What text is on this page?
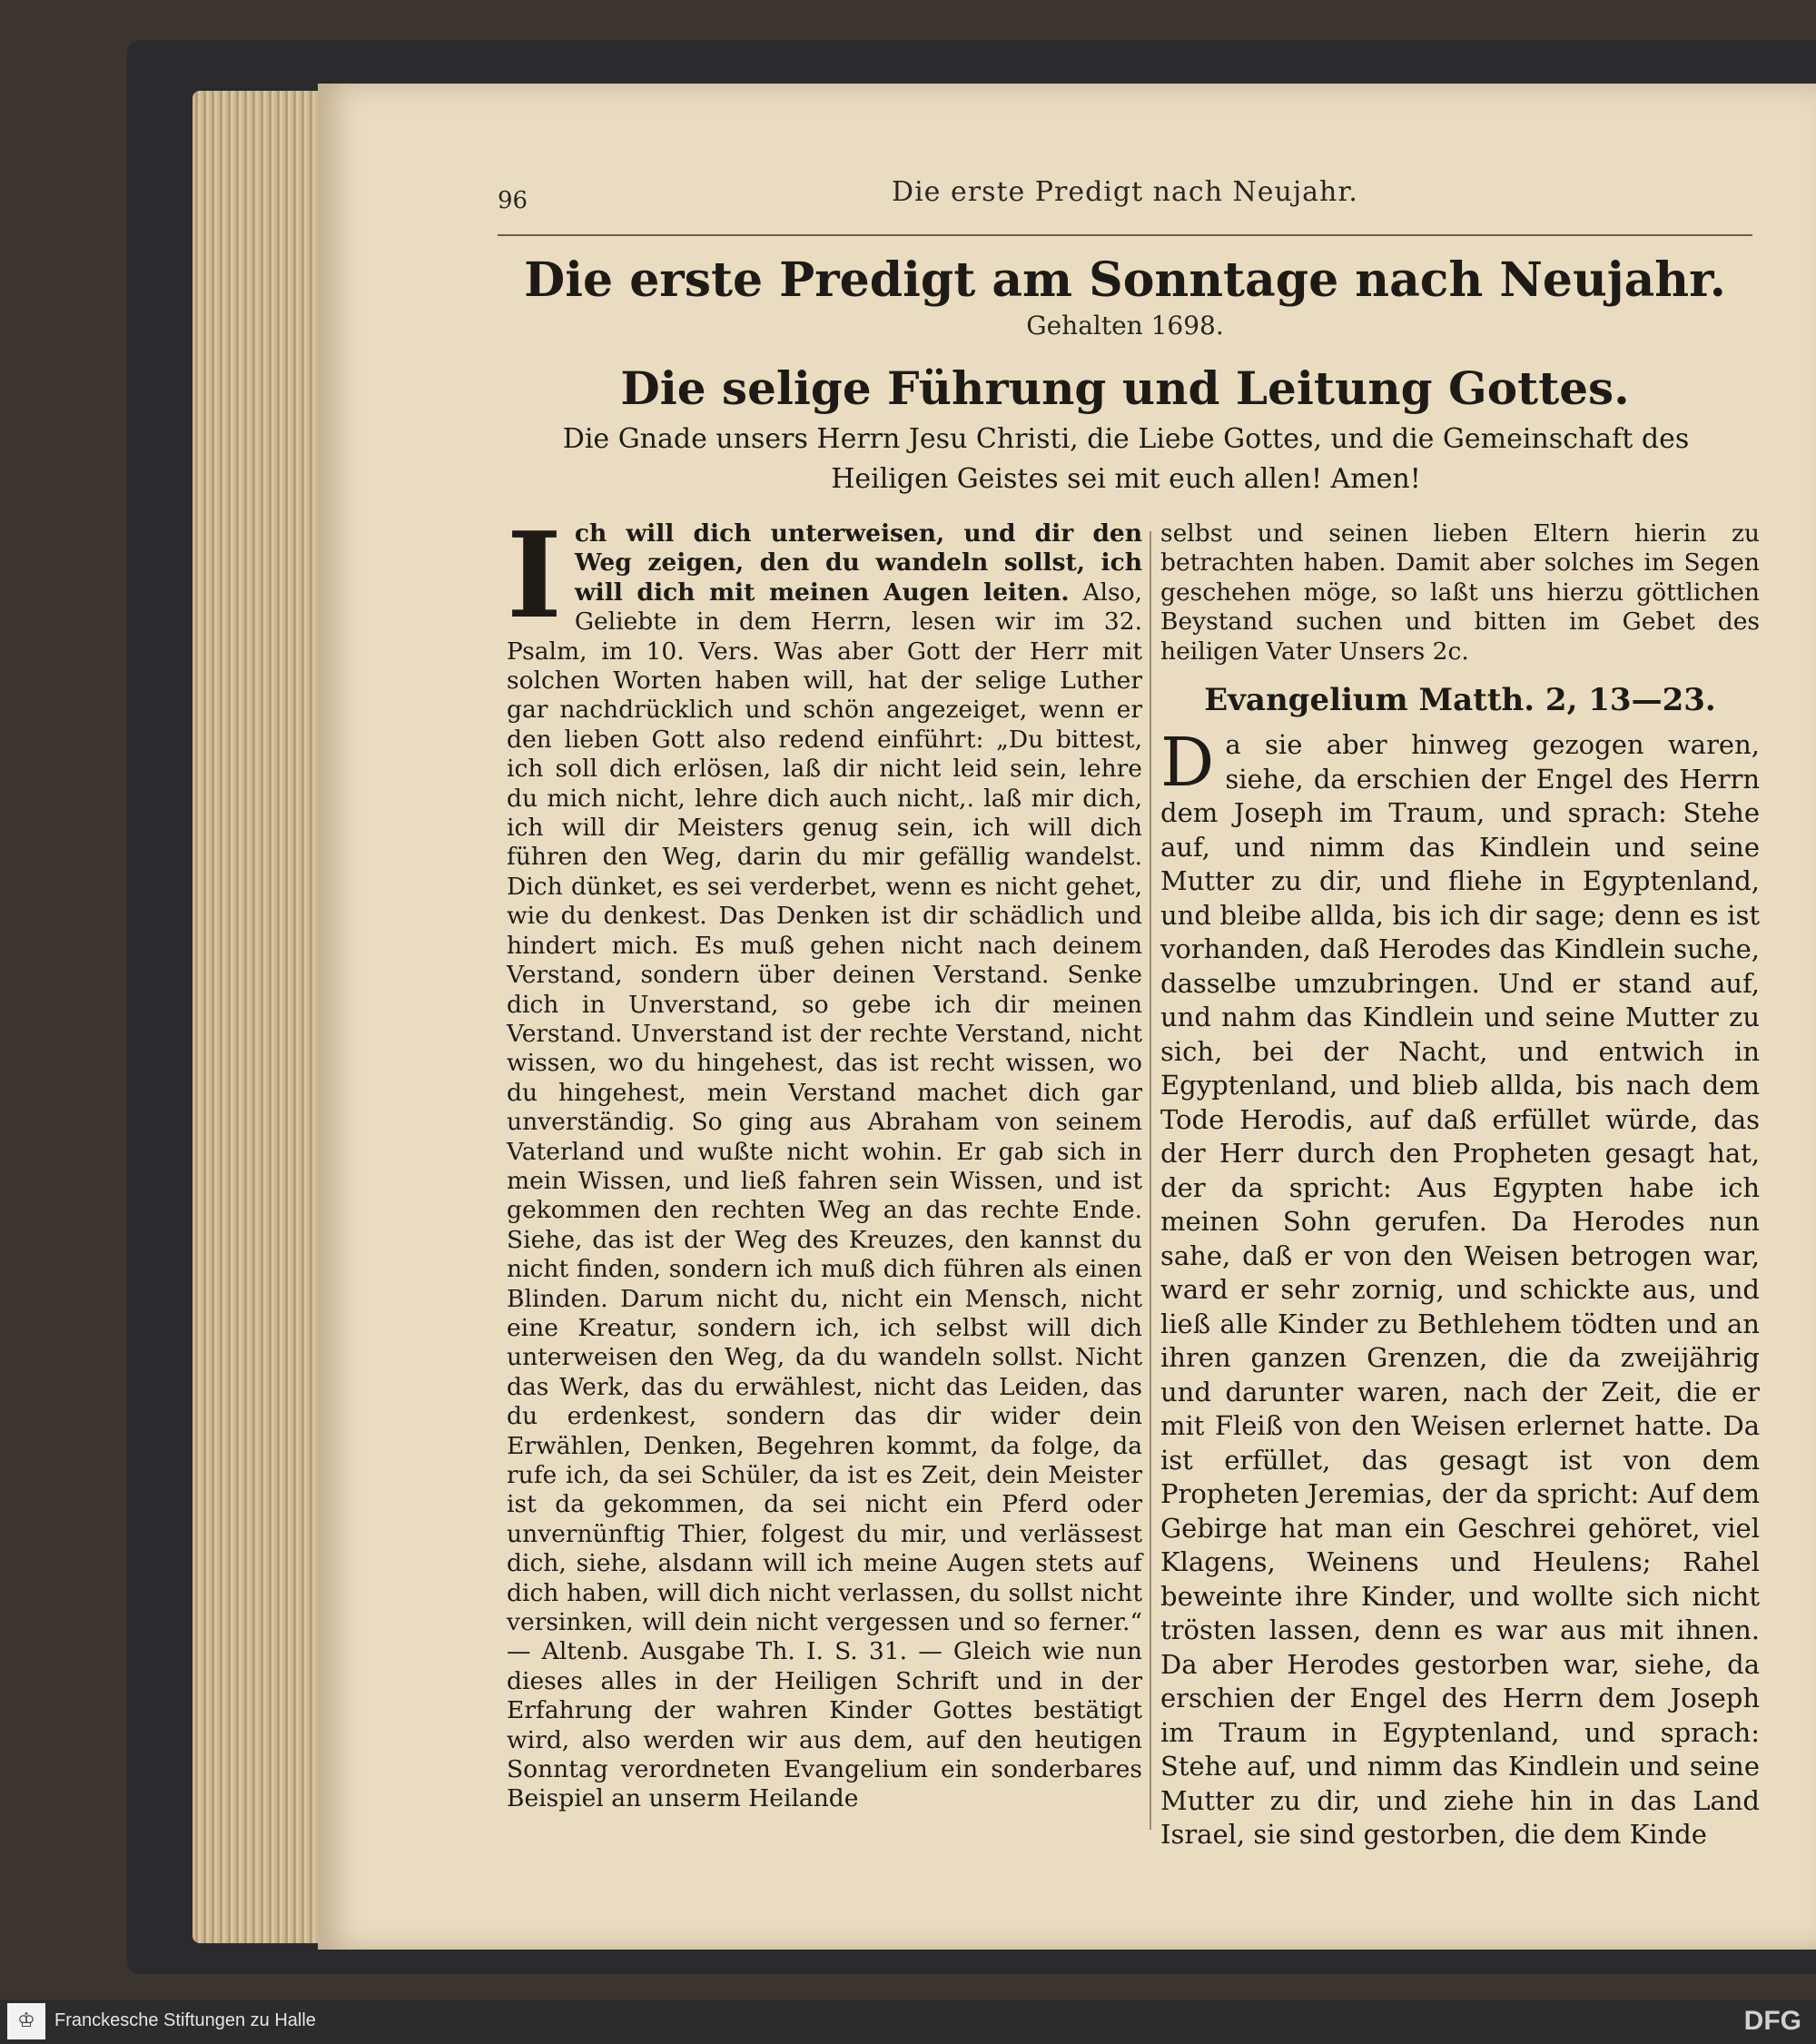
96	Die erste Predigt nach Neujahr.
Die erste Predigt am Sonntage nach Neujahr.
Gehalten 1698.
Die selige Führung und Leitung Gottes.
Die Gnade unsers Herrn Jesu Christi, die Liebe Gottes, und die Gemeinschaft des Heiligen Geistes sei mit euch allen! Amen!
I ch will dich unterweisen, und dir den Weg zeigen, den du wandeln sollst, ich will dich mit meinen Augen leiten. Also, Geliebte in dem Herrn, lesen wir im 32. Psalm, im 10. Vers. Was aber Gott der Herr mit solchen Worten haben will, hat der selige Luther gar nachdrücklich und schön angezeiget, wenn er den lieben Gott also redend einführt: „Du bittest, ich soll dich erlösen, laß dir nicht leid sein, lehre du mich nicht, lehre dich auch nicht,. laß mir dich, ich will dir Meisters genug sein, ich will dich führen den Weg, darin du mir gefällig wandelst. Dich dünket, es sei verderbet, wenn es nicht gehet, wie du denkest. Das Denken ist dir schädlich und hindert mich. Es muß gehen nicht nach deinem Verstand, sondern über deinen Verstand. Senke dich in Unverstand, so gebe ich dir meinen Verstand. Unverstand ist der rechte Verstand, nicht wissen, wo du hingehest, das ist recht wissen, wo du hingehest, mein Verstand machet dich gar unverständig. So ging aus Abraham von seinem Vaterland und wußte nicht wohin. Er gab sich in mein Wissen, und ließ fahren sein Wissen, und ist gekommen den rechten Weg an das rechte Ende. Siehe, das ist der Weg des Kreuzes, den kannst du nicht finden, sondern ich muß dich führen als einen Blinden. Darum nicht du, nicht ein Mensch, nicht eine Kreatur, sondern ich, ich selbst will dich unterweisen den Weg, da du wandeln sollst. Nicht das Werk, das du erwählest, nicht das Leiden, das du erdenkest, sondern das dir wider dein Erwählen, Denken, Begehren kommt, da folge, da rufe ich, da sei Schüler, da ist es Zeit, dein Meister ist da gekommen, da sei nicht ein Pferd oder unvernünftig Thier, folgest du mir, und verlässest dich, siehe, alsdann will ich meine Augen stets auf dich haben, will dich nicht verlassen, du sollst nicht versinken, will dein nicht vergessen und so ferner.“ — Altenb. Ausgabe Th. I. S. 31. — Gleich wie nun dieses alles in der Heiligen Schrift und in der Erfahrung der wahren Kinder Gottes bestätigt wird, also werden wir aus dem, auf den heutigen Sonntag verordneten Evangelium ein sonderbares Beispiel an unserm Heilande
selbst und seinen lieben Eltern hierin zu betrachten haben. Damit aber solches im Segen geschehen möge, so laßt uns hierzu göttlichen Beystand suchen und bitten im Gebet des heiligen Vater Unsers 2c.
Evangelium Matth. 2, 13—23.
D a sie aber hinweg gezogen waren, siehe, da erschien der Engel des Herrn dem Joseph im Traum, und sprach: Stehe auf, und nimm das Kindlein und seine Mutter zu dir, und fliehe in Egyptenland, und bleibe allda, bis ich dir sage; denn es ist vorhanden, daß Herodes das Kindlein suche, dasselbe umzubringen. Und er stand auf, und nahm das Kindlein und seine Mutter zu sich, bei der Nacht, und entwich in Egyptenland, und blieb allda, bis nach dem Tode Herodis, auf daß erfüllet würde, das der Herr durch den Propheten gesagt hat, der da spricht: Aus Egypten habe ich meinen Sohn gerufen. Da Herodes nun sahe, daß er von den Weisen betrogen war, ward er sehr zornig, und schickte aus, und ließ alle Kinder zu Bethlehem tödten und an ihren ganzen Grenzen, die da zweijährig und darunter waren, nach der Zeit, die er mit Fleiß von den Weisen erlernet hatte. Da ist erfüllet, das gesagt ist von dem Propheten Jeremias, der da spricht: Auf dem Gebirge hat man ein Geschrei gehöret, viel Klagens, Weinens und Heulens; Rahel beweinte ihre Kinder, und wollte sich nicht trösten lassen, denn es war aus mit ihnen. Da aber Herodes gestorben war, siehe, da erschien der Engel des Herrn dem Joseph im Traum in Egyptenland, und sprach: Stehe auf, und nimm das Kindlein und seine Mutter zu dir, und ziehe hin in das Land Israel, sie sind gestorben, die dem Kinde
♔	Franckesche Stiftungen zu Halle	DFG
